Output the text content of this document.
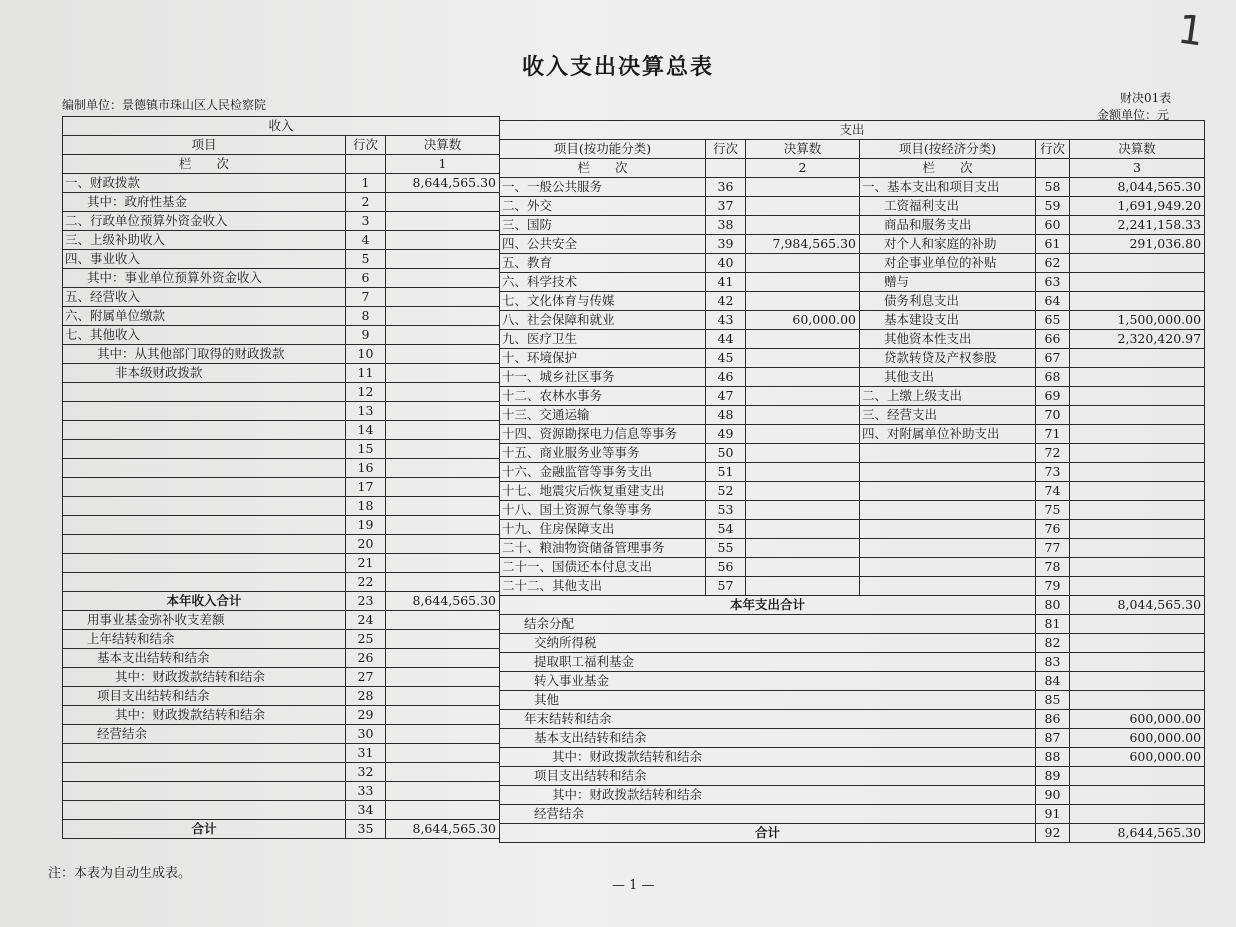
1
收入支出决算总表
编制单位：景德镇市珠山区人民检察院	财决01表
金额单位：元
收入		
项目	行次	决算数
栏　　次		1
一、财政拨款	1	8,644,565.30
其中：政府性基金	2	
二、行政单位预算外资金收入	3	
三、上级补助收入	4	
四、事业收入	5	
其中：事业单位预算外资金收入	6	
五、经营收入	7	
六、附属单位缴款	8	
七、其他收入	9	
其中：从其他部门取得的财政拨款	10	
非本级财政拨款	11	
	12	
	13	
	14	
	15	
	16	
	17	
	18	
	19	
	20	
	21	
	22	
本年收入合计	23	8,644,565.30
用事业基金弥补收支差额	24	
上年结转和结余	25	
基本支出结转和结余	26	
其中：财政拨款结转和结余	27	
项目支出结转和结余	28	
其中：财政拨款结转和结余	29	
经营结余	30	
	31	
	32	
	33	
	34	
合计	35	8,644,565.30
支出					
项目(按功能分类)	行次	决算数	项目(按经济分类)	行次	决算数
栏　　次		2	栏　　次		3
一、一般公共服务	36		一、基本支出和项目支出	58	8,044,565.30
二、外交	37		工资福利支出	59	1,691,949.20
三、国防	38		商品和服务支出	60	2,241,158.33
四、公共安全	39	7,984,565.30	对个人和家庭的补助	61	291,036.80
五、教育	40		对企事业单位的补贴	62	
六、科学技术	41		赠与	63	
七、文化体育与传媒	42		债务利息支出	64	
八、社会保障和就业	43	60,000.00	基本建设支出	65	1,500,000.00
九、医疗卫生	44		其他资本性支出	66	2,320,420.97
十、环境保护	45		贷款转贷及产权参股	67	
十一、城乡社区事务	46		其他支出	68	
十二、农林水事务	47		二、上缴上级支出	69	
十三、交通运输	48		三、经营支出	70	
十四、资源勘探电力信息等事务	49		四、对附属单位补助支出	71	
十五、商业服务业等事务	50			72	
十六、金融监管等事务支出	51			73	
十七、地震灾后恢复重建支出	52			74	
十八、国土资源气象等事务	53			75	
十九、住房保障支出	54			76	
二十、粮油物资储备管理事务	55			77	
二十一、国债还本付息支出	56			78	
二十二、其他支出	57			79	
本年支出合计				80	8,044,565.30
结余分配				81	
交纳所得税				82	
提取职工福利基金				83	
转入事业基金				84	
其他				85	
年末结转和结余				86	600,000.00
基本支出结转和结余				87	600,000.00
其中：财政拨款结转和结余				88	600,000.00
项目支出结转和结余				89	
其中：财政拨款结转和结余				90	
经营结余				91	
合计				92	8,644,565.30
注：本表为自动生成表。
— 1 —
